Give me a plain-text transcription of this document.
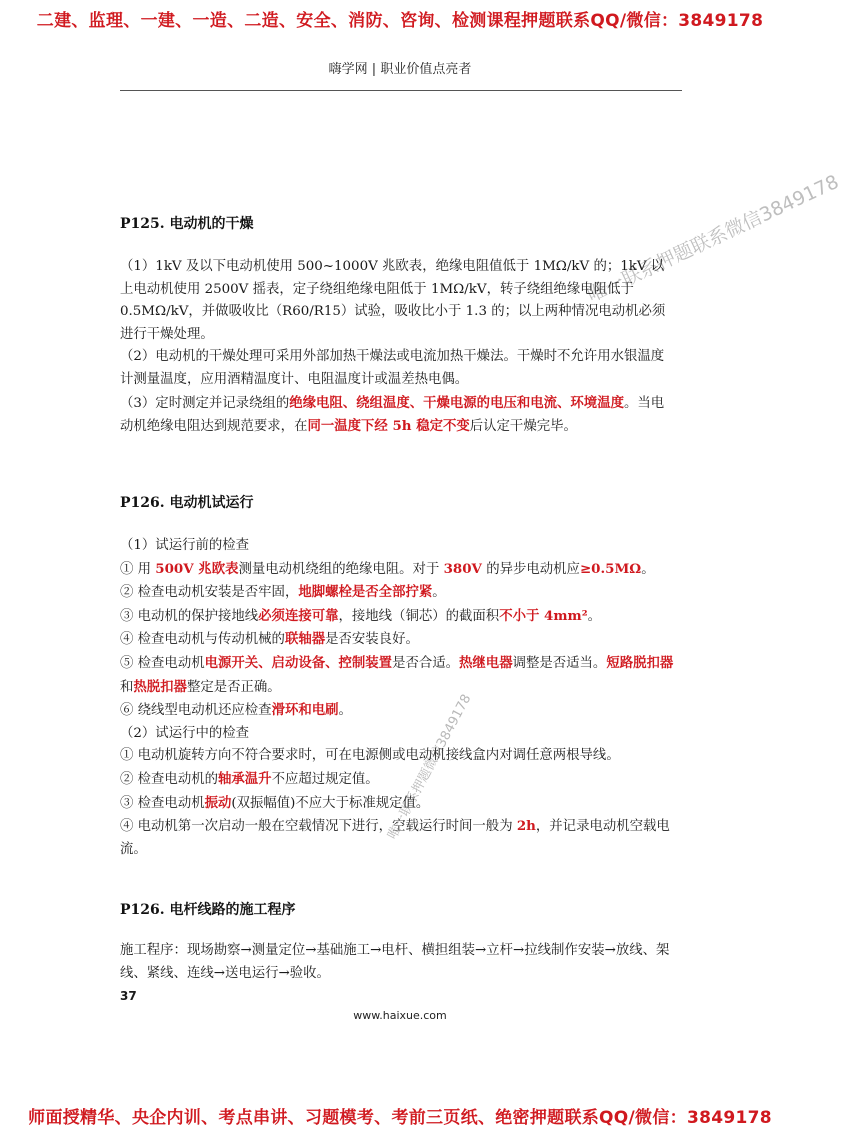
二建、监理、一建、一造、二造、安全、消防、咨询、检测课程押题联系QQ/微信：3849178
嗨学网 | 职业价值点亮者
唯一联系押题联系微信3849178
唯一联系押题微信3849178
P125. 电动机的干燥

（1）1kV 及以下电动机使用 500~1000V 兆欧表，绝缘电阻值低于 1MΩ/kV 的；1kV 以上电动机使用 2500V 摇表，定子绕组绝缘电阻低于 1MΩ/kV，转子绕组绝缘电阻低于 0.5MΩ/kV，并做吸收比（R60/R15）试验，吸收比小于 1.3 的；以上两种情况电动机必须进行干燥处理。

（2）电动机的干燥处理可采用外部加热干燥法或电流加热干燥法。干燥时不允许用水银温度计测量温度，应用酒精温度计、电阻温度计或温差热电偶。

（3）定时测定并记录绕组的绝缘电阻、绕组温度、干燥电源的电压和电流、环境温度。当电动机绝缘电阻达到规范要求，在同一温度下经 5h 稳定不变后认定干燥完毕。

P126. 电动机试运行

（1）试运行前的检查

① 用 500V 兆欧表测量电动机绕组的绝缘电阻。对于 380V 的异步电动机应≥0.5MΩ。

② 检查电动机安装是否牢固，地脚螺栓是否全部拧紧。

③ 电动机的保护接地线必须连接可靠，接地线（铜芯）的截面积不小于 4mm²。

④ 检查电动机与传动机械的联轴器是否安装良好。

⑤ 检查电动机电源开关、启动设备、控制装置是否合适。热继电器调整是否适当。短路脱扣器和热脱扣器整定是否正确。

⑥ 绕线型电动机还应检查滑环和电刷。

（2）试运行中的检查

① 电动机旋转方向不符合要求时，可在电源侧或电动机接线盒内对调任意两根导线。

② 检查电动机的轴承温升不应超过规定值。

③ 检查电动机振动(双振幅值)不应大于标准规定值。

④ 电动机第一次启动一般在空载情况下进行，空载运行时间一般为 2h，并记录电动机空载电流。

P126. 电杆线路的施工程序

施工程序：现场勘察→测量定位→基础施工→电杆、横担组装→立杆→拉线制作安装→放线、架线、紧线、连线→送电运行→验收。

37
www.haixue.com
师面授精华、央企内训、考点串讲、习题模考、考前三页纸、绝密押题联系QQ/微信：3849178
